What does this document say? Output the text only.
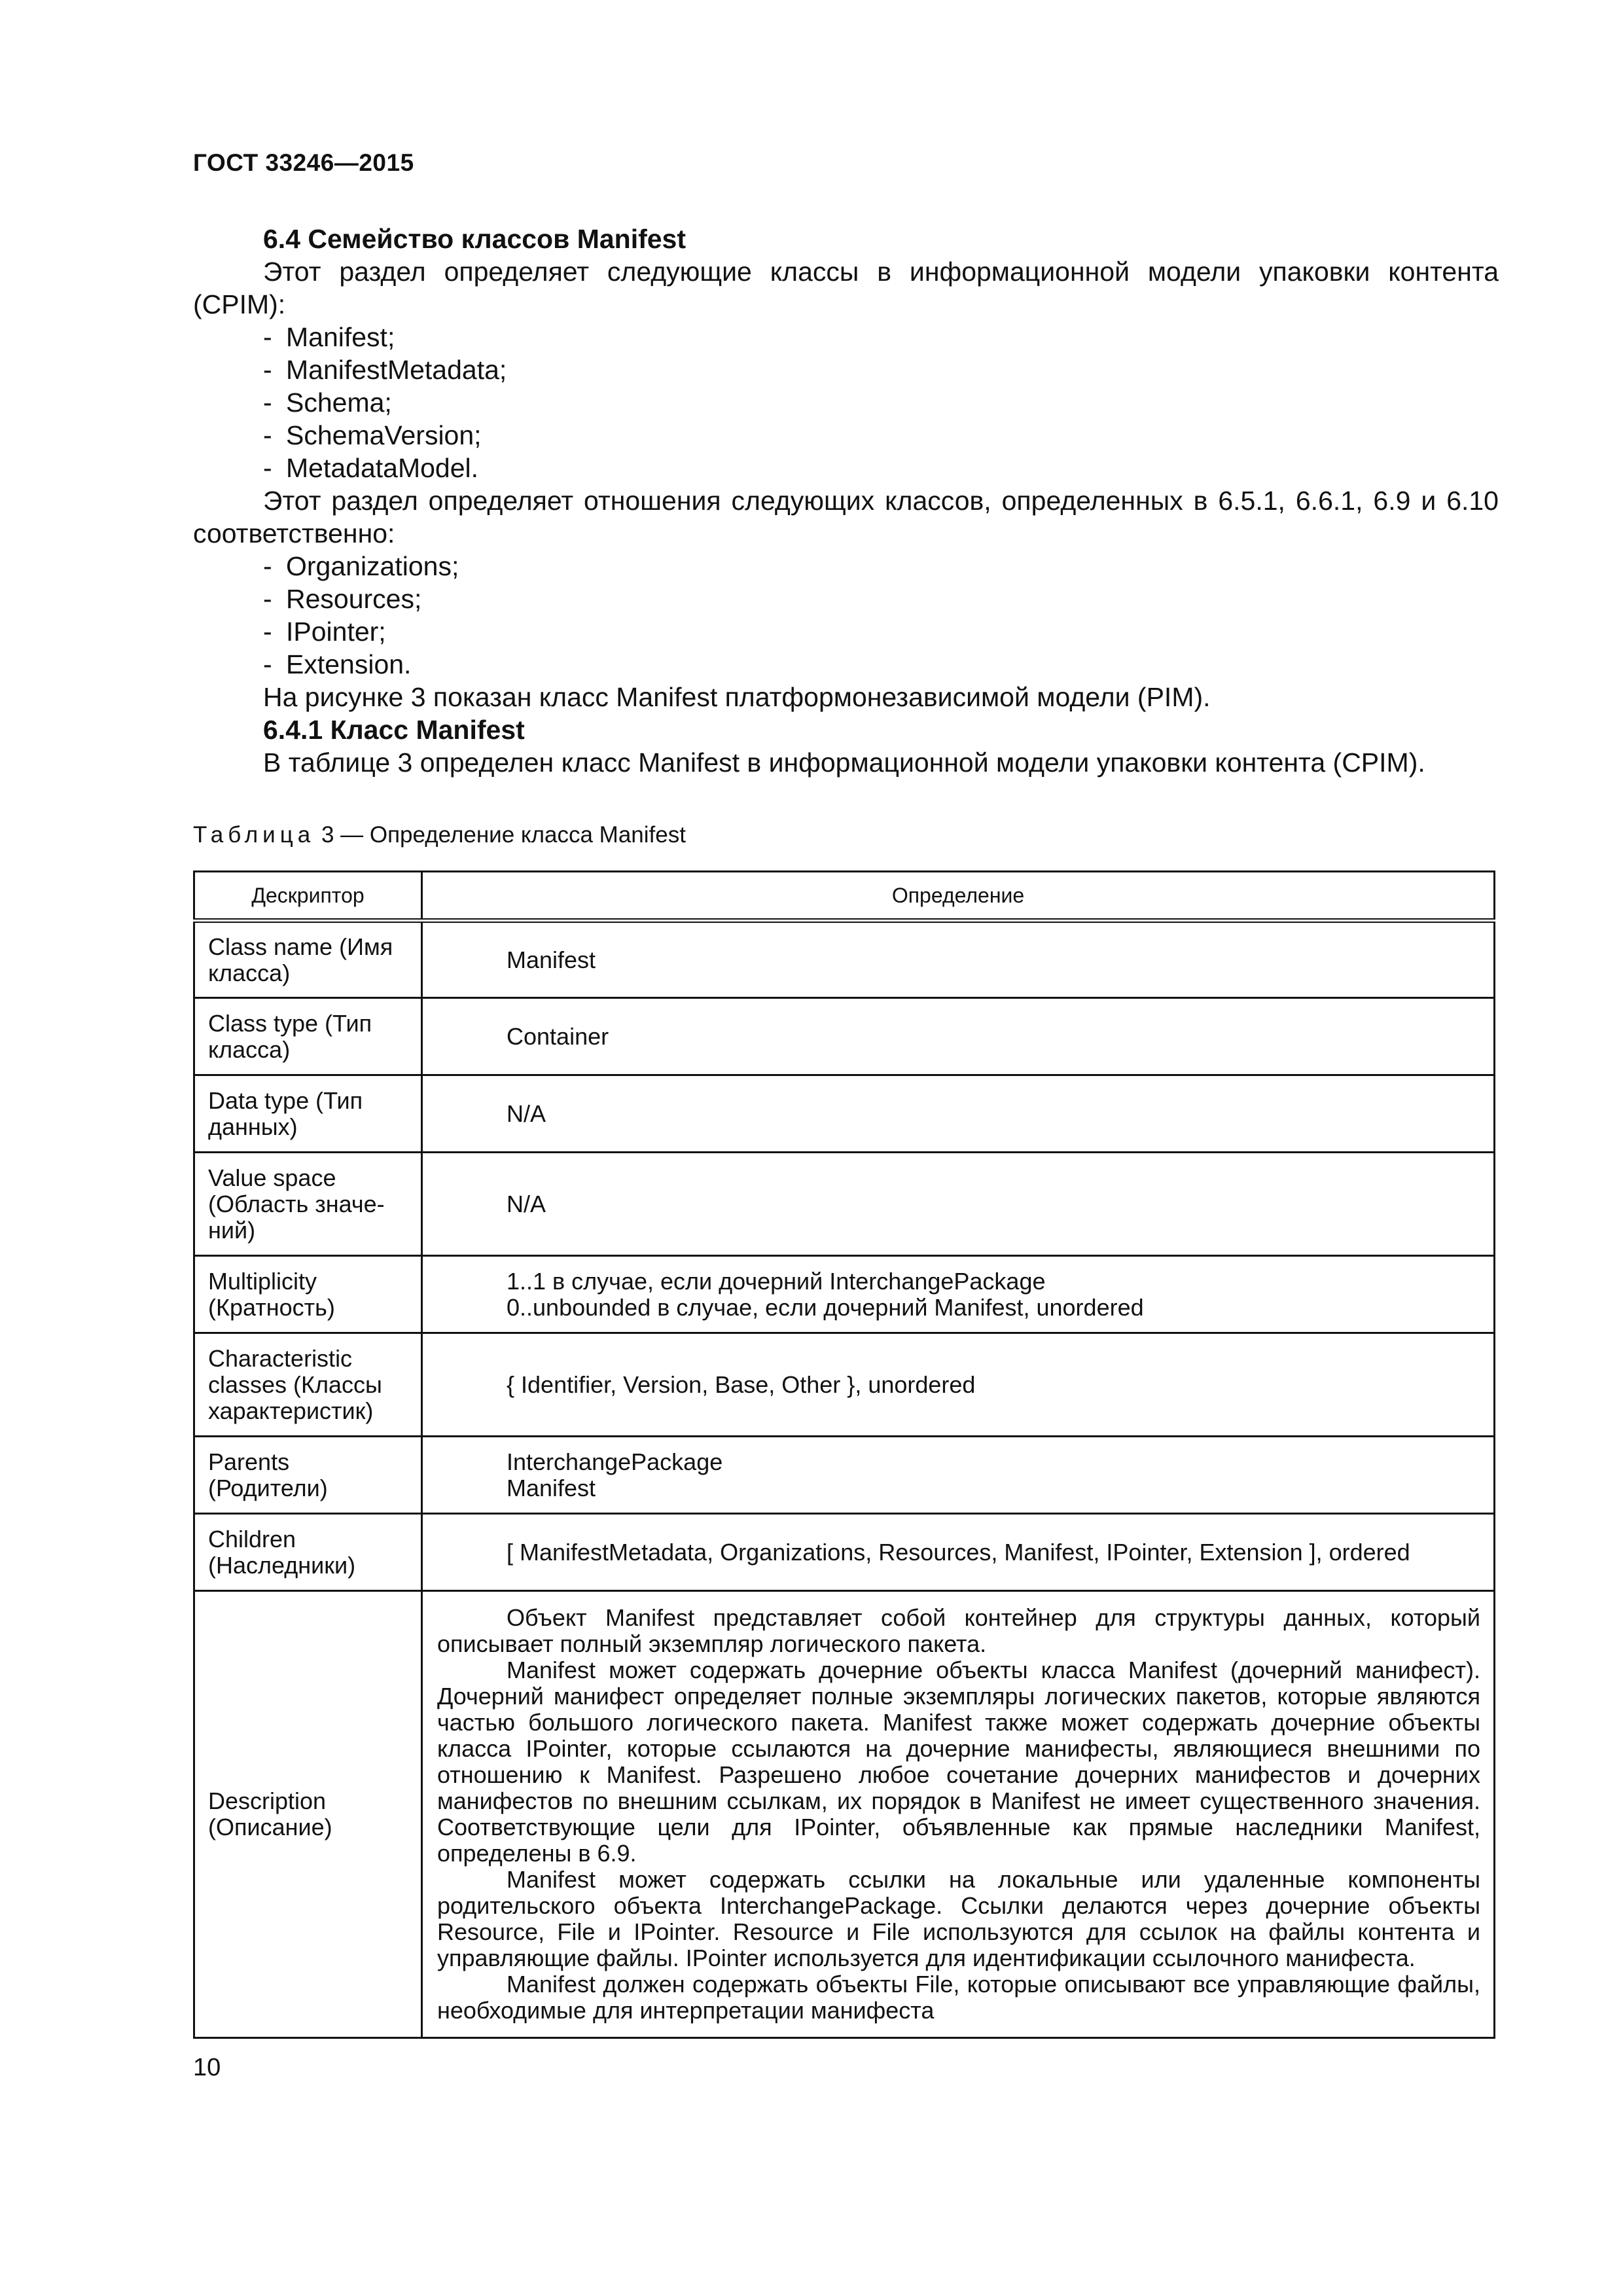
ГОСТ 33246—2015

6.4 Семейство классов Manifest

Этот раздел определяет следующие классы в информационной модели упаковки контента (CPIM):

- Manifest;
- ManifestMetadata;
- Schema;
- SchemaVersion;
- MetadataModel.

Этот раздел определяет отношения следующих классов, определенных в 6.5.1, 6.6.1, 6.9 и 6.10 соответственно:

- Organizations;
- Resources;
- IPointer;
- Extension.

На рисунке 3 показан класс Manifest платформонезависимой модели (PIM).

6.4.1 Класс Manifest

В таблице 3 определен класс Manifest в информационной модели упаковки контента (CPIM).

Таблица 3 — Определение класса Manifest
Дескриптор	Определение
Class name (Имя класса)	Manifest
Class type (Тип класса)	Container
Data type (Тип данных)	N/A
Value space (Область значе-ний)	N/A
Multiplicity (Кратность)	1..1 в случае, если дочерний InterchangePackage
0..unbounded в случае, если дочерний Manifest, unordered

Characteristic classes (Классы характеристик)	{ Identifier, Version, Base, Other }, unordered
Parents (Родители)	InterchangePackage
Manifest

Children (Наследники)	[ ManifestMetadata, Organizations, Resources, Manifest, IPointer, Extension ], ordered
Description (Описание)	Объект Manifest представляет собой контейнер для структуры данных, который описывает полный экземпляр логического пакета.

Manifest может содержать дочерние объекты класса Manifest (дочерний манифест). Дочерний манифест определяет полные экземпляры логических пакетов, которые являются частью большого логического пакета. Manifest также может содержать дочерние объекты класса IPointer, которые ссылаются на дочерние манифесты, являющиеся внешними по отношению к Manifest. Разрешено любое сочетание дочерних манифестов и дочерних манифестов по внешним ссылкам, их порядок в Manifest не имеет существенного значения. Соответствующие цели для IPointer, объявленные как прямые наследники Manifest, определены в 6.9.

Manifest может содержать ссылки на локальные или удаленные компоненты родительского объекта InterchangePackage. Ссылки делаются через дочерние объекты Resource, File и IPointer. Resource и File используются для ссылок на файлы контента и управляющие файлы. IPointer используется для идентификации ссылочного манифеста.

Manifest должен содержать объекты File, которые описывают все управляющие файлы, необходимые для интерпретации манифеста

10
